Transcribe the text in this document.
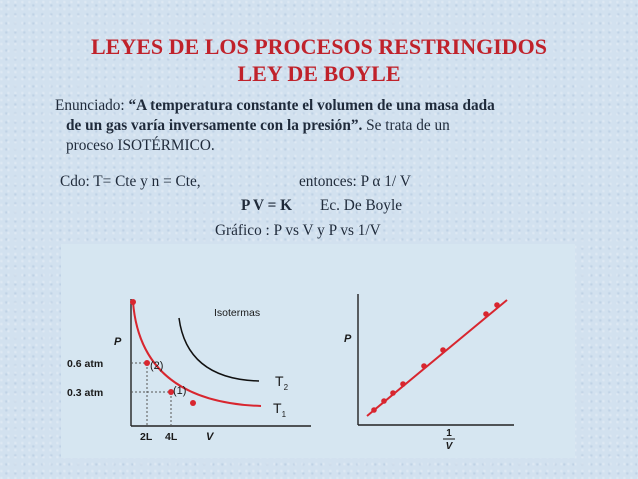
LEYES DE LOS PROCESOS RESTRINGIDOS
LEY DE BOYLE
Enunciado: “A temperatura constante el volumen de una masa dada
de un gas varía inversamente con la presión”. Se trata de un
proceso ISOTÉRMICO.
Cdo: T= Cte y n = Cte,	entonces: P α 1/ V
P V = K Ec. De Boyle
Gráfico : P vs V y P vs 1/V
P
V
0.6 atm
0.3 atm
2L 4L
(2)
(1)
Isotermas
$T_2$
$T_1$
P
1
V
